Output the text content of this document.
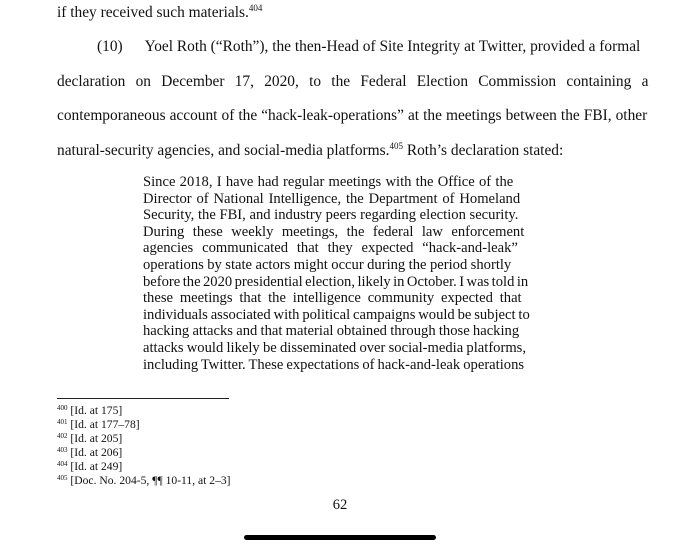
if they received such materials.$^{404}$
(10) Yoel Roth (“Roth”), the then-Head of Site Integrity at Twitter, provided a formal
declaration on December 17, 2020, to the Federal Election Commission containing a
contemporaneous account of the “hack-leak-operations” at the meetings between the FBI, other
natural-security agencies, and social-media platforms.$^{405}$ Roth’s declaration stated:
Since 2018, I have had regular meetings with the Office of the
Director of National Intelligence, the Department of Homeland
Security, the FBI, and industry peers regarding election security.
During these weekly meetings, the federal law enforcement
agencies communicated that they expected “hack-and-leak”
operations by state actors might occur during the period shortly
before the 2020 presidential election, likely in October. I was told in
these meetings that the intelligence community expected that
individuals associated with political campaigns would be subject to
hacking attacks and that material obtained through those hacking
attacks would likely be disseminated over social-media platforms,
including Twitter. These expectations of hack-and-leak operations
$^{400}$ [Id. at 175]
$^{401}$ [Id. at 177–78]
$^{402}$ [Id. at 205]
$^{403}$ [Id. at 206]
$^{404}$ [Id. at 249]
$^{405}$ [Doc. No. 204-5, ¶¶ 10-11, at 2–3]
62
